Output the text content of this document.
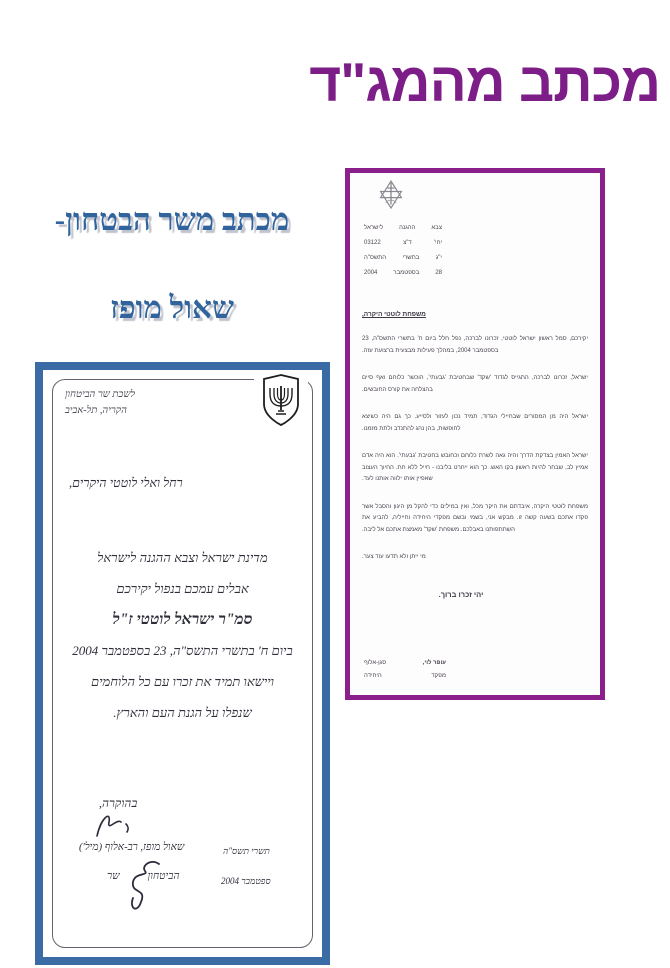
מכתב מהמג"ד
מכתב משר הבטחון-
שאול מופז
צבא
ההגנה
לישראל
יחי'
ד"צ
03122
י"ג
בתשרי
התשס"ה
28
בספטמבר
2004
משפחת לוטטי היקרה,

יקירכם, סמל ראשון ישראל לוטטי, זכרונו לברכה, נפל חלל ביום ח' בתשרי התשס"ה, 23 בספטמבר 2004, במהלך פעילות מבצעית ברצועת עזה.

ישראל, זכרונו לברכה, התגייס לגדוד 'שקד' שבחטיבת 'גבעתי', הוכשר כלוחם ואף סיים בהצלחה את קורס החובשים.

ישראל היה מן המסורים שבחיילי הגדוד, תמיד נכון לעזור ולסייע. כך גם היה כשיצא לחופשות, בהן נהג להתנדב ולתת מזמנו.

ישראל האמין בצדקת הדרך והיה גאה לשרת כלוחם וכחובש בחטיבת 'גבעתי'. הוא היה אדם אמיץ לב, שבחר להיות ראשון בקו האש. כך הוא ייחרט בליבנו - חייל ללא חת. החיוך העצוב שאפיין אותו ילווה אותנו לעד.

משפחת לוטטי היקרה, איבדתם את היקר מכל, ואין במילים כדי להקל מן היגון והסבל אשר פקדו אתכם בשעה קשה זו. מבקש אני, בשמי ובשם מפקדי היחידה וחייליה, להביע את השתתפותנו באבלכם. משפחת 'שקד' מאמצת אתכם אל ליבה.

מי ייתן ולא תדעו עוד צער.

יהי זכרו ברוך.
עופר לוי,
סגן-אלוף
מפקד
היחידה
לשכת שר הביטחון
הקריה, תל-אביב
רחל ואלי לוטטי היקרים,
מדינת ישראל וצבא ההגנה לישראל
אבלים עמכם בנפול יקירכם
סמ"ר ישראל לוטטי ז"ל
ביום ח' בתשרי התשס"ה, 23 בספטמבר 2004
ויישאו תמיד את זכרו עם כל הלוחמים
שנפלו על הגנת העם והארץ.
בהוקרה,
שאול מופז, רב-אלוף (מיל')
שר	הביטחון
תשרי תשס"ה
ספטמבר 2004
